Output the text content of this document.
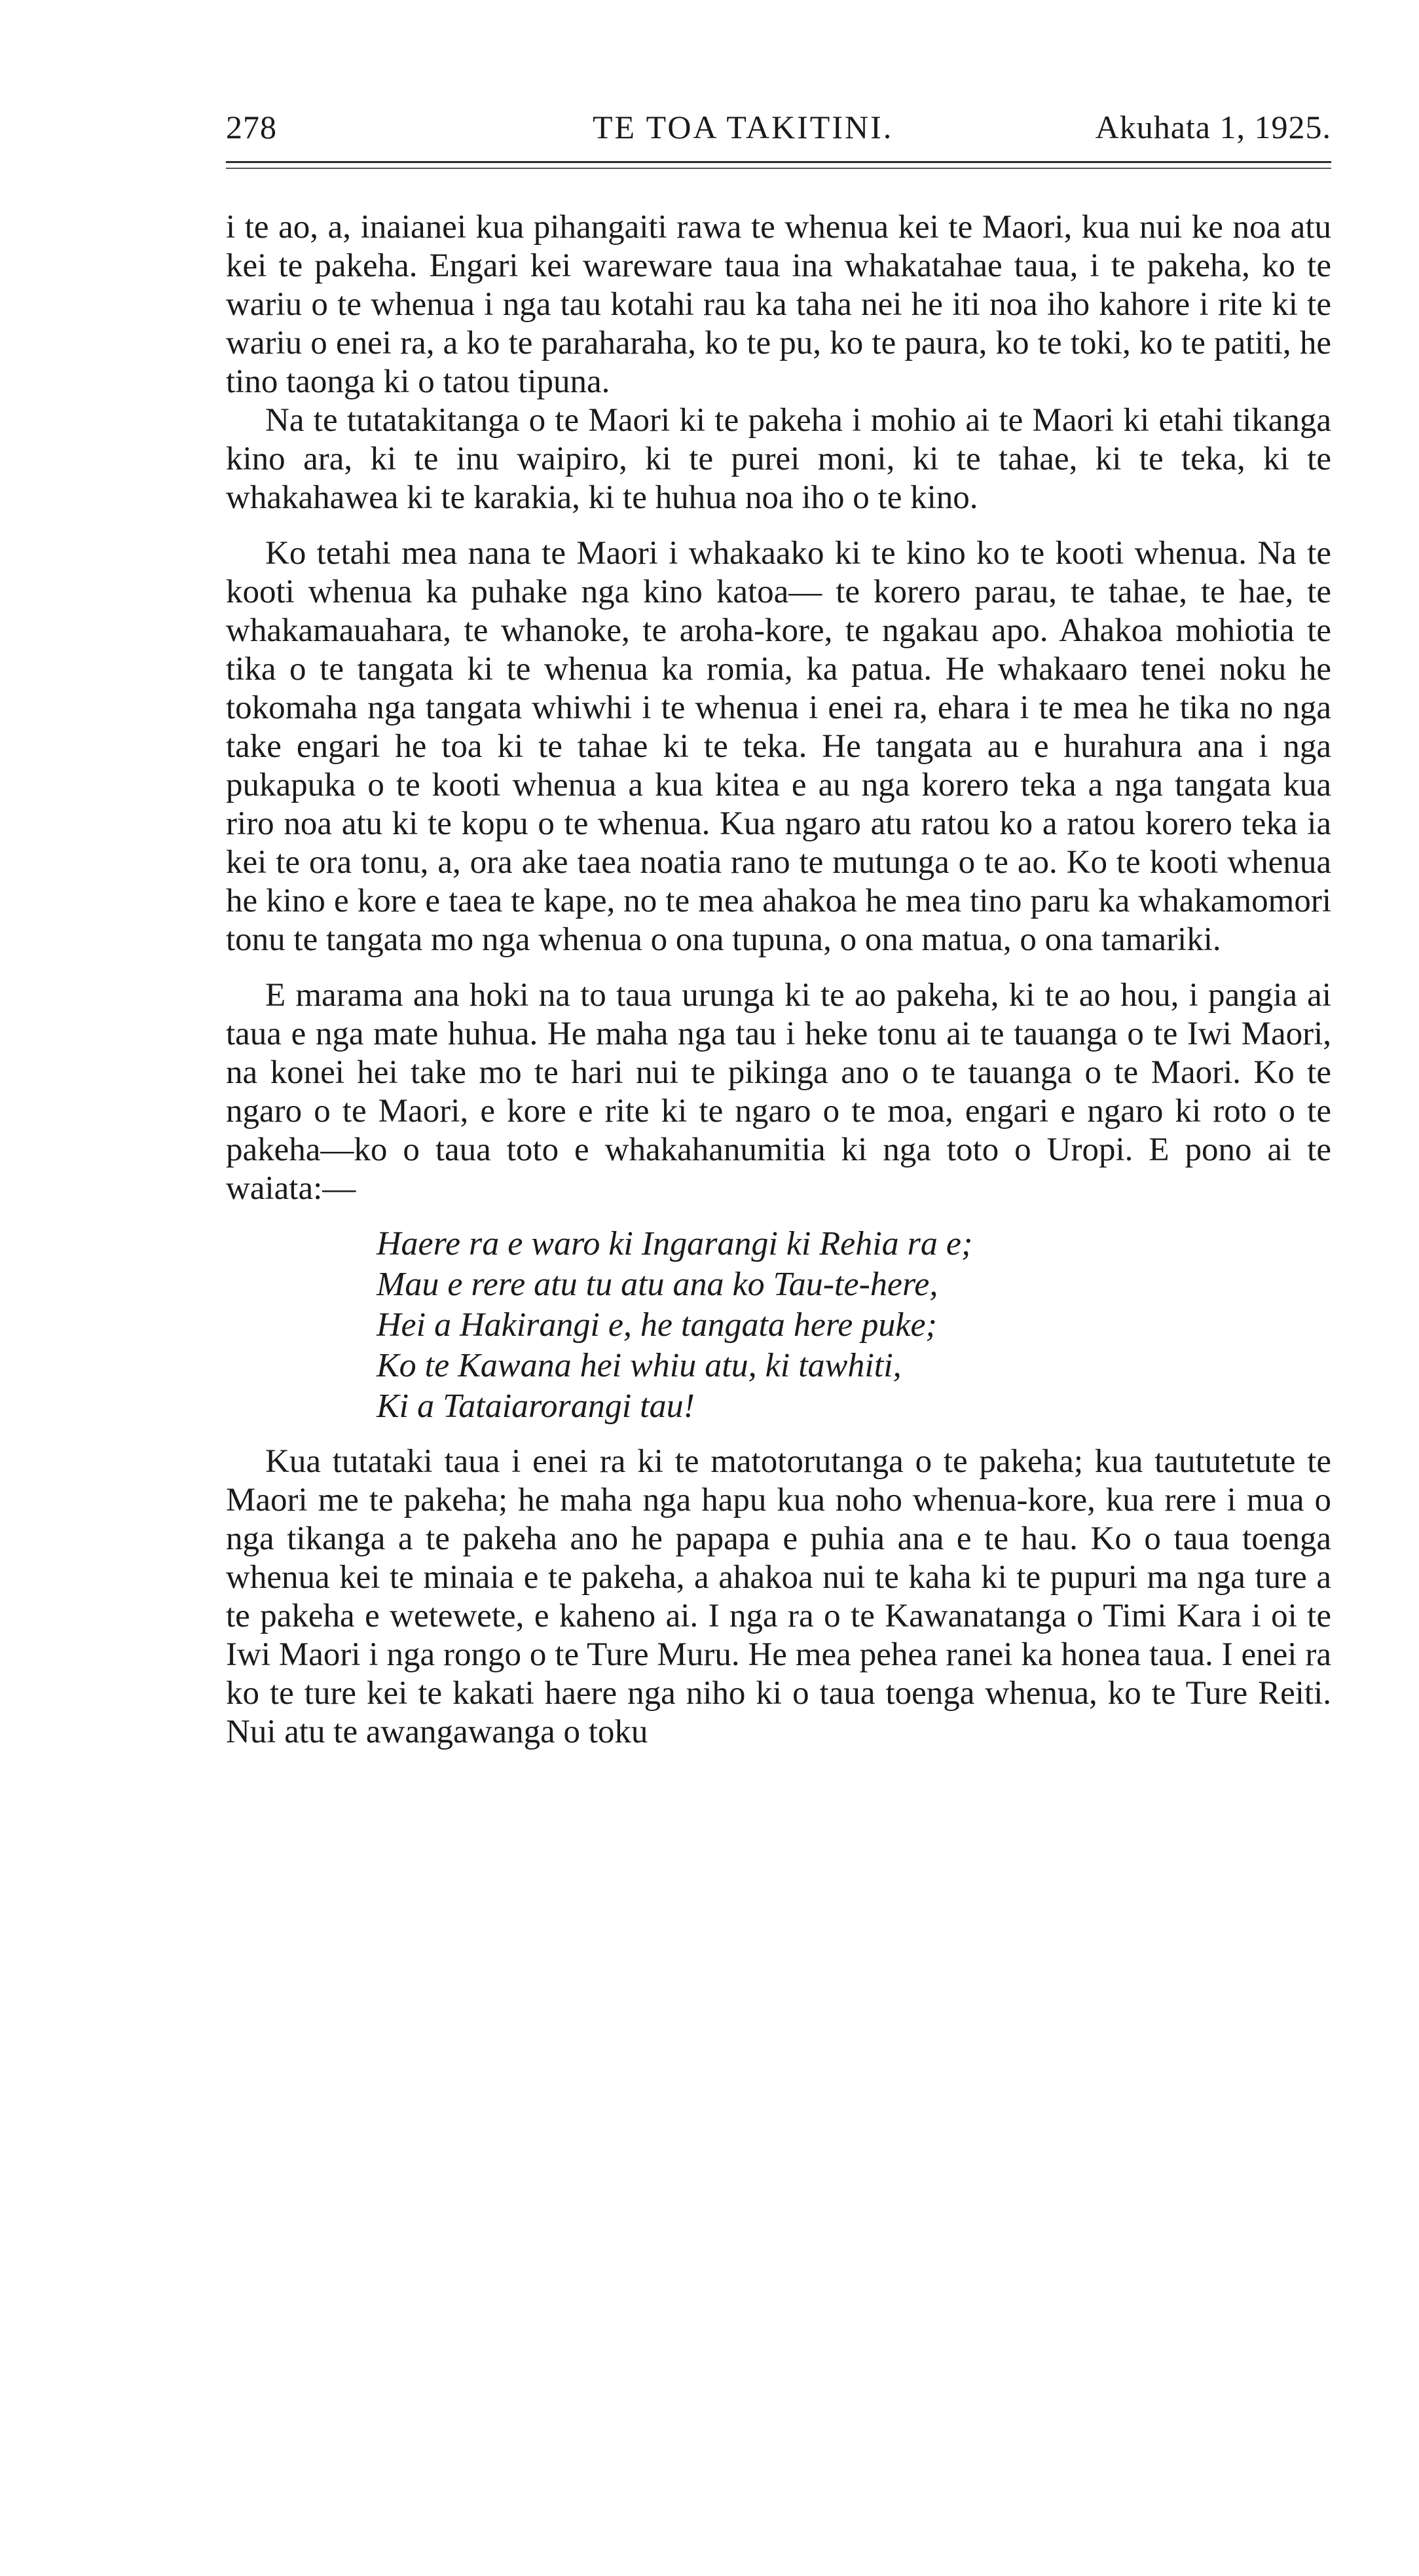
278	TE TOA TAKITINI.	Akuhata 1, 1925.

i te ao, a, inaianei kua pihangaiti rawa te whenua kei te Maori, kua nui ke noa atu kei te pakeha. Engari kei wareware taua ina whakatahae taua, i te pakeha, ko te wariu o te whenua i nga tau kotahi rau ka taha nei he iti noa iho kahore i rite ki te wariu o enei ra, a ko te paraharaha, ko te pu, ko te paura, ko te toki, ko te patiti, he tino taonga ki o tatou tipuna.

Na te tutatakitanga o te Maori ki te pakeha i mohio ai te Maori ki etahi tikanga kino ara, ki te inu waipiro, ki te purei moni, ki te tahae, ki te teka, ki te whakahawea ki te karakia, ki te huhua noa iho o te kino.

Ko tetahi mea nana te Maori i whakaako ki te kino ko te kooti whenua. Na te kooti whenua ka puhake nga kino katoa— te korero parau, te tahae, te hae, te whakamauahara, te whanoke, te aroha-kore, te ngakau apo. Ahakoa mohiotia te tika o te tangata ki te whenua ka romia, ka patua. He whakaaro tenei noku he tokomaha nga tangata whiwhi i te whenua i enei ra, ehara i te mea he tika no nga take engari he toa ki te tahae ki te teka. He tangata au e hurahura ana i nga pukapuka o te kooti whenua a kua kitea e au nga korero teka a nga tangata kua riro noa atu ki te kopu o te whenua. Kua ngaro atu ratou ko a ratou korero teka ia kei te ora tonu, a, ora ake taea noatia rano te mutunga o te ao. Ko te kooti whenua he kino e kore e taea te kape, no te mea ahakoa he mea tino paru ka whakamomori tonu te tangata mo nga whenua o ona tupuna, o ona matua, o ona tamariki.

E marama ana hoki na to taua urunga ki te ao pakeha, ki te ao hou, i pangia ai taua e nga mate huhua. He maha nga tau i heke tonu ai te tauanga o te Iwi Maori, na konei hei take mo te hari nui te pikinga ano o te tauanga o te Maori. Ko te ngaro o te Maori, e kore e rite ki te ngaro o te moa, engari e ngaro ki roto o te pakeha—ko o taua toto e whakahanumitia ki nga toto o Uropi. E pono ai te waiata:—

Haere ra e waro ki Ingarangi ki Rehia ra e;
Mau e rere atu tu atu ana ko Tau-te-here,
Hei a Hakirangi e, he tangata here puke;
Ko te Kawana hei whiu atu, ki tawhiti,
Ki a Tataiarorangi tau!

Kua tutataki taua i enei ra ki te matotorutanga o te pakeha; kua taututetute te Maori me te pakeha; he maha nga hapu kua noho whenua-kore, kua rere i mua o nga tikanga a te pakeha ano he papapa e puhia ana e te hau. Ko o taua toenga whenua kei te minaia e te pakeha, a ahakoa nui te kaha ki te pupuri ma nga ture a te pakeha e wetewete, e kaheno ai. I nga ra o te Kawanatanga o Timi Kara i oi te Iwi Maori i nga rongo o te Ture Muru. He mea pehea ranei ka honea taua. I enei ra ko te ture kei te kakati haere nga niho ki o taua toenga whenua, ko te Ture Reiti. Nui atu te awangawanga o toku
